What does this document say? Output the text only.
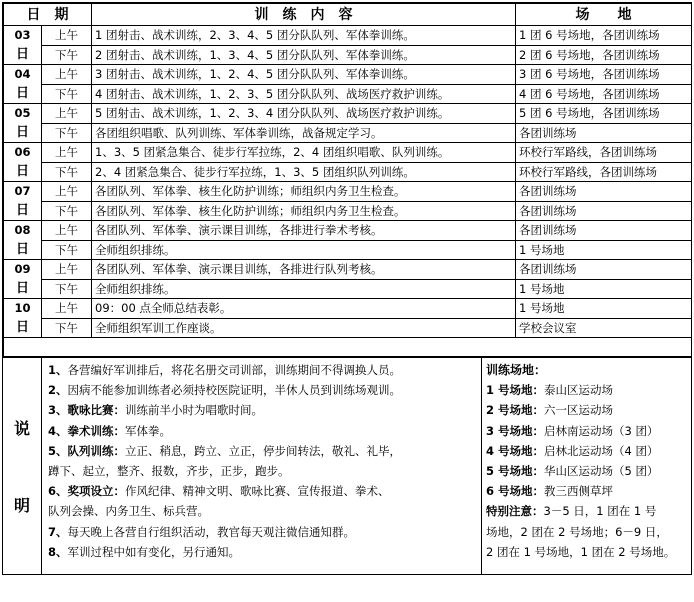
日　期		训　练　内　容	场　　地

03
日	上午	1 团射击、战术训练，2、3、4、5 团分队队列、军体拳训练。	1 团 6 号场地，各团训练场
	下午	2 团射击、战术训练，1、3、4、5 团分队队列、军体拳训练。	2 团 6 号场地，各团训练场

04
日	上午	3 团射击、战术训练，1、2、4、5 团分队队列、军体拳训练。	3 团 6 号场地，各团训练场
	下午	4 团射击、战术训练，1、2、3、5 团分队队列、战场医疗救护训练。	4 团 6 号场地，各团训练场

05
日	上午	5 团射击、战术训练，1、2、3、4 团分队队列、战场医疗救护训练。	5 团 6 号场地，各团训练场
	下午	各团组织唱歌、队列训练、军体拳训练，战备规定学习。	各团训练场

06
日	上午	1、3、5 团紧急集合、徒步行军拉练，2、4 团组织唱歌、队列训练。	环校行军路线，各团训练场
	下午	2、4 团紧急集合、徒步行军拉练，1、3、5 团组织队列训练。	环校行军路线，各团训练场

07
日	上午	各团队列、军体拳、核生化防护训练；师组织内务卫生检查。	各团训练场
	下午	各团队列、军体拳、核生化防护训练；师组织内务卫生检查。	各团训练场

08
日	上午	各团队列、军体拳、演示课目训练，各排进行拳术考核。	各团训练场
	下午	全师组织排练。	1 号场地

09
日	上午	各团队列、军体拳、演示课目训练，各排进行队列考核。	各团训练场
	下午	全师组织排练。	1 号场地

10
日	上午	09：00 点全师总结表彰。	1 号场地
	下午	全师组织军训工作座谈。	学校会议室

说
明
1、各营编好军训排后，将花名册交司训部，训练期间不得调换人员。
2、因病不能参加训练者必须持校医院证明，半休人员到训练场观训。
3、歌咏比赛：训练前半小时为唱歌时间。
4、拳术训练：军体拳。
5、队列训练：立正、稍息，跨立、立正，停步间转法，敬礼、礼毕，
蹲下、起立，整齐、报数，齐步，正步，跑步。
6、奖项设立：作风纪律、精神文明、歌咏比赛、宣传报道、拳术、
队列会操、内务卫生、标兵营。
7、每天晚上各营自行组织活动，教官每天观注微信通知群。
8、军训过程中如有变化，另行通知。
训练场地：
1 号场地：泰山区运动场
2 号场地：六一区运动场
3 号场地：启林南运动场（3 团）
4 号场地：启林北运动场（4 团）
5 号场地：华山区运动场（5 团）
6 号场地：教三西侧草坪
特别注意：3－5 日，1 团在 1 号
场地，2 团在 2 号场地；6－9 日，
2 团在 1 号场地，1 团在 2 号场地。
